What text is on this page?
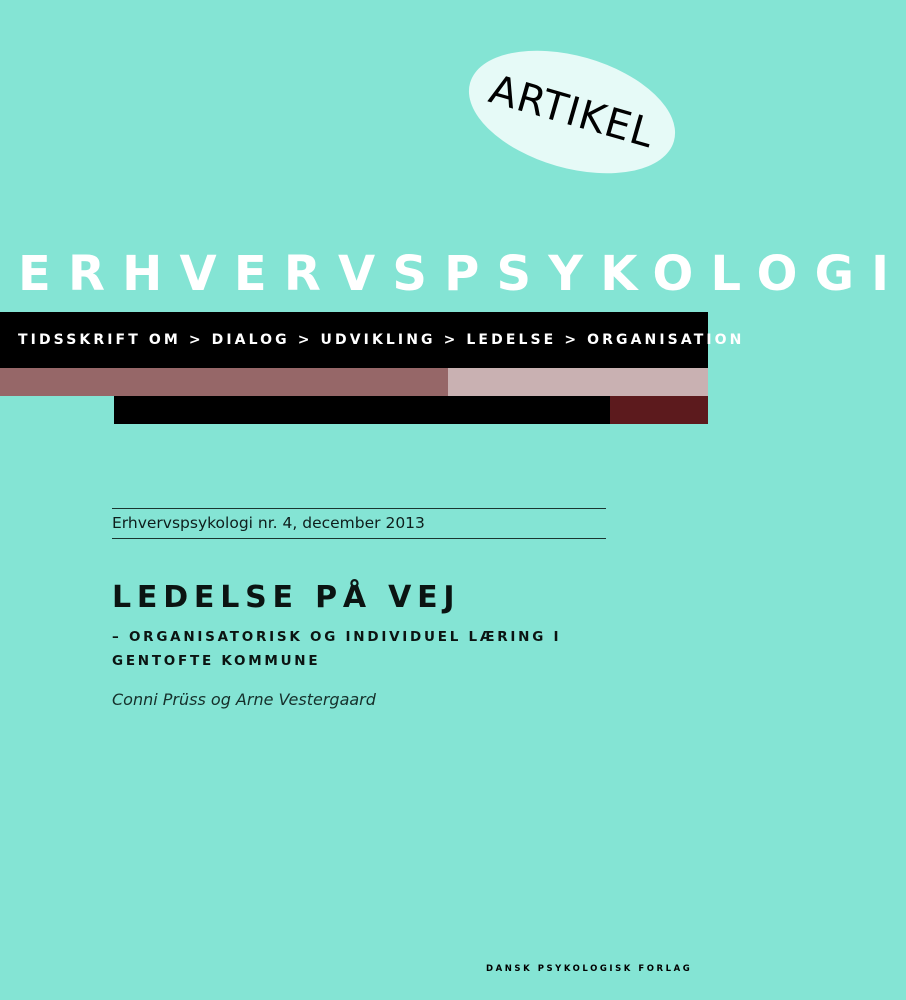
ARTIKEL
ERHVERVSPSYKOLOGI
TIDSSKRIFT OM > DIALOG > UDVIKLING > LEDELSE > ORGANISATION
Erhvervspsykologi nr. 4, december 2013
LEDELSE PÅ VEJ
– ORGANISATORISK OG INDIVIDUEL LÆRING I
GENTOFTE KOMMUNE
Conni Prüss og Arne Vestergaard
DANSK PSYKOLOGISK FORLAG
